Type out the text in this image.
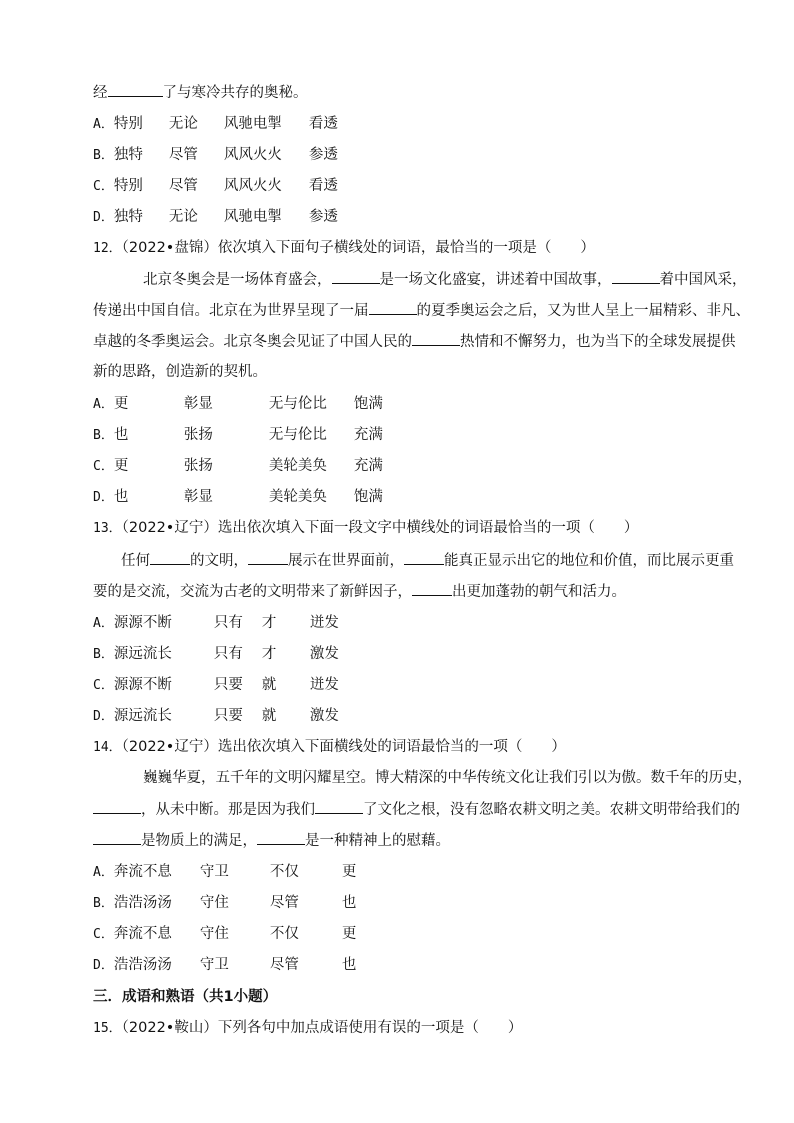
经	了与寒冷共存的奥秘。
A．特别 无论 风驰电掣 看透
B．独特 尽管 风风火火 参透
C．特别 尽管 风风火火 看透
D．独特 无论 风驰电掣 参透
12．（2022•盘锦）依次填入下面句子横线处的词语，最恰当的一项是（　　）
北京冬奥会是一场体育盛会，	是一场文化盛宴，讲述着中国故事，	着中国风采，
传递出中国自信。北京在为世界呈现了一届	的夏季奥运会之后，又为世人呈上一届精彩、非凡、
卓越的冬季奥运会。北京冬奥会见证了中国人民的	热情和不懈努力，也为当下的全球发展提供
新的思路，创造新的契机。
A．更	彰显	无与伦比 饱满
B．也	张扬	无与伦比 充满
C．更	张扬	美轮美奂 充满
D．也	彰显	美轮美奂 饱满
13．（2022•辽宁）选出依次填入下面一段文字中横线处的词语最恰当的一项（　　）
任何	的文明，	展示在世界面前，	能真正显示出它的地位和价值，而比展示更重
要的是交流，交流为古老的文明带来了新鲜因子，	出更加蓬勃的朝气和活力。
A．源源不断	只有 才 迸发
B．源远流长	只有 才 激发
C．源源不断	只要 就 迸发
D．源远流长	只要 就 激发
14．（2022•辽宁）选出依次填入下面横线处的词语最恰当的一项（　　）
巍巍华夏，五千年的文明闪耀星空。博大精深的中华传统文化让我们引以为傲。数千年的历史，
，从未中断。那是因为我们	了文化之根，没有忽略农耕文明之美。农耕文明带给我们的
是物质上的满足，	是一种精神上的慰藉。
A．奔流不息 守卫	不仅	更
B．浩浩汤汤 守住	尽管	也
C．奔流不息 守住	不仅	更
D．浩浩汤汤 守卫	尽管	也
三．成语和熟语（共1小题）
15．（2022•鞍山）下列各句中加点成语使用有误的一项是（　　）
